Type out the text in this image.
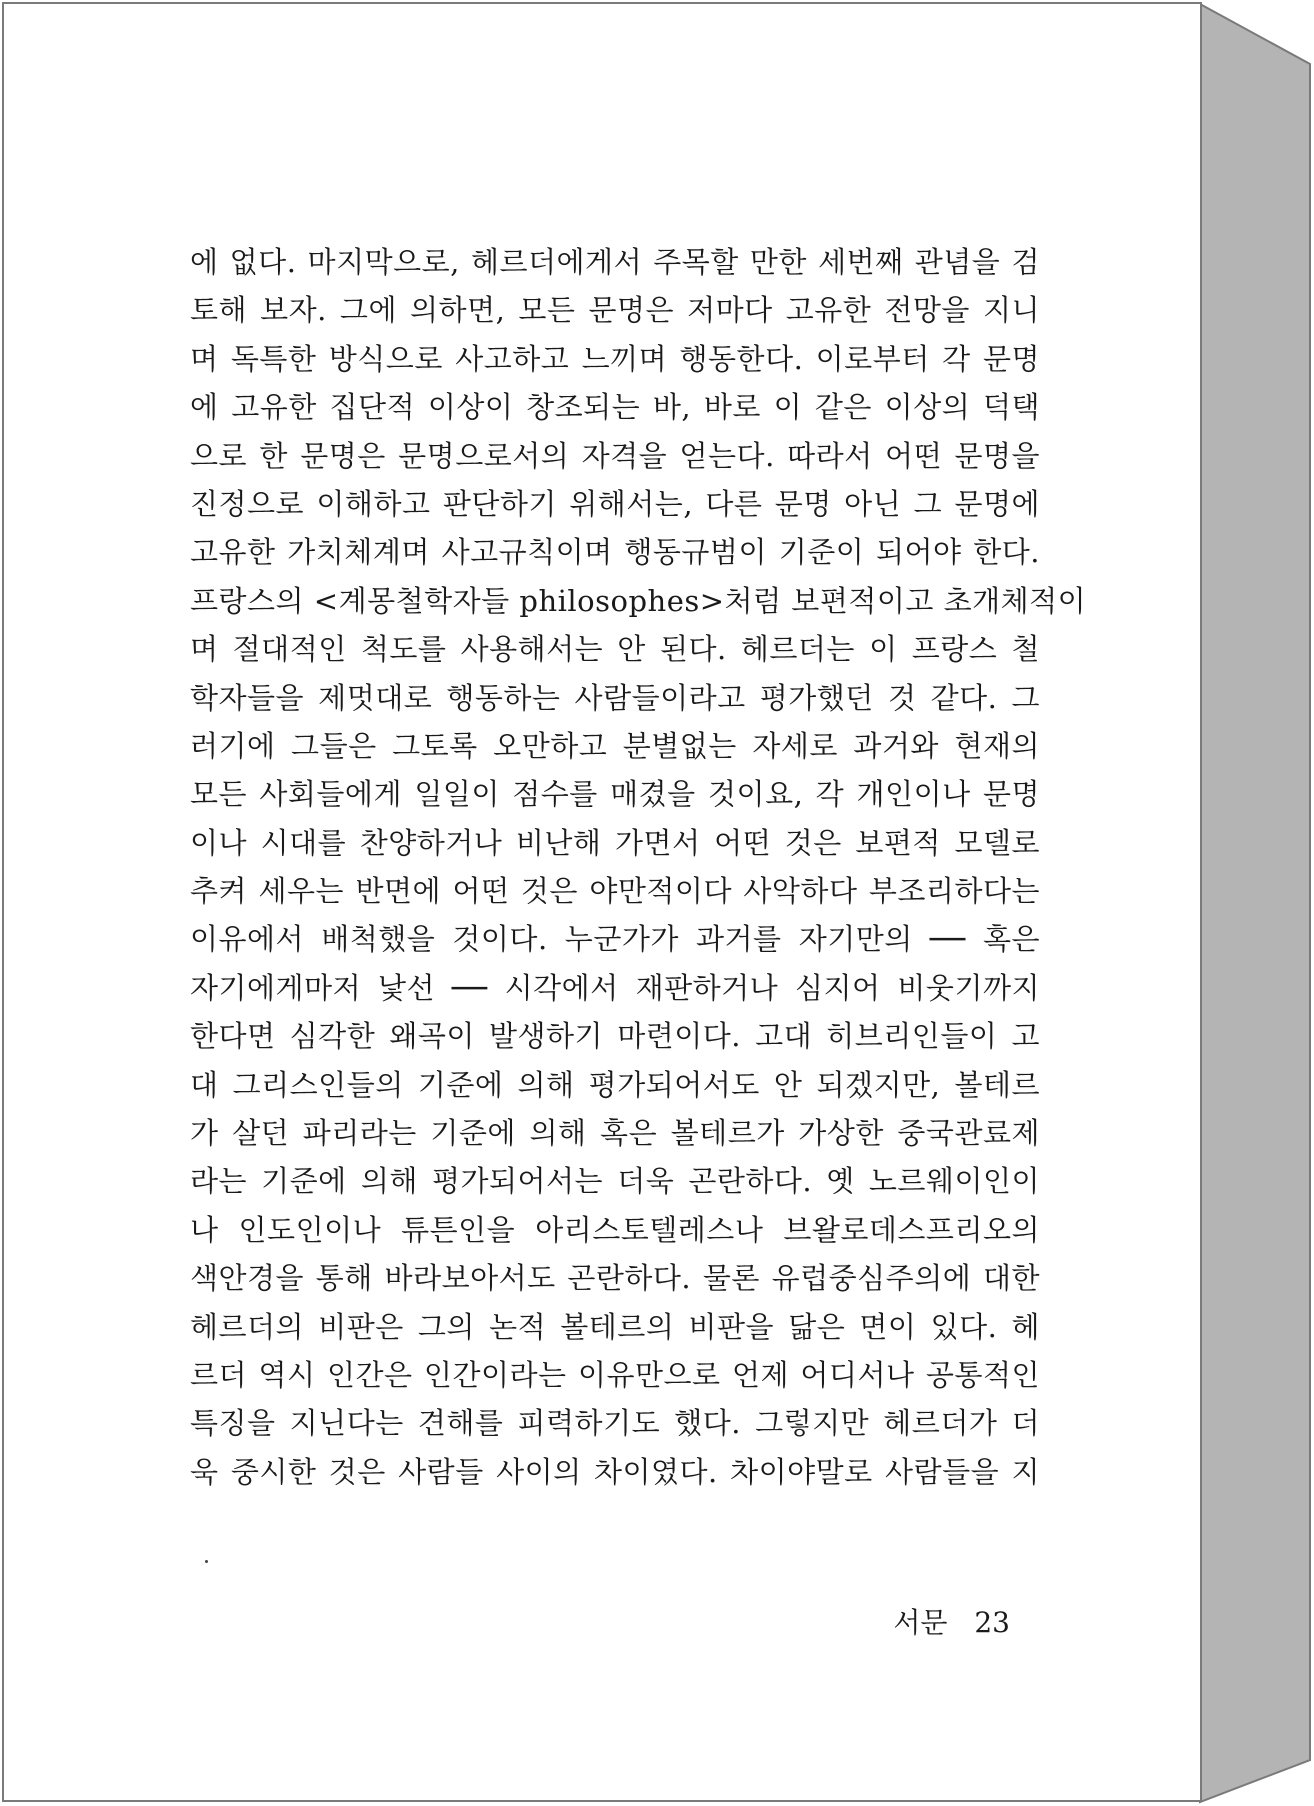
에 없다. 마지막으로, 헤르더에게서 주목할 만한 세번째 관념을 검
토해 보자. 그에 의하면, 모든 문명은 저마다 고유한 전망을 지니
며 독특한 방식으로 사고하고 느끼며 행동한다. 이로부터 각 문명
에 고유한 집단적 이상이 창조되는 바, 바로 이 같은 이상의 덕택
으로 한 문명은 문명으로서의 자격을 얻는다. 따라서 어떤 문명을
진정으로 이해하고 판단하기 위해서는, 다른 문명 아닌 그 문명에
고유한 가치체계며 사고규칙이며 행동규범이 기준이 되어야 한다.
프랑스의 <계몽철학자들 philosophes>처럼 보편적이고 초개체적이
며 절대적인 척도를 사용해서는 안 된다. 헤르더는 이 프랑스 철
학자들을 제멋대로 행동하는 사람들이라고 평가했던 것 같다. 그
러기에 그들은 그토록 오만하고 분별없는 자세로 과거와 현재의
모든 사회들에게 일일이 점수를 매겼을 것이요, 각 개인이나 문명
이나 시대를 찬양하거나 비난해 가면서 어떤 것은 보편적 모델로
추켜 세우는 반면에 어떤 것은 야만적이다 사악하다 부조리하다는
이유에서 배척했을 것이다. 누군가가 과거를 자기만의 ── 혹은
자기에게마저 낯선 ── 시각에서 재판하거나 심지어 비웃기까지
한다면 심각한 왜곡이 발생하기 마련이다. 고대 히브리인들이 고
대 그리스인들의 기준에 의해 평가되어서도 안 되겠지만, 볼테르
가 살던 파리라는 기준에 의해 혹은 볼테르가 가상한 중국관료제
라는 기준에 의해 평가되어서는 더욱 곤란하다. 옛 노르웨이인이
나 인도인이나 튜튼인을 아리스토텔레스나 브왈로데스프리오의
색안경을 통해 바라보아서도 곤란하다. 물론 유럽중심주의에 대한
헤르더의 비판은 그의 논적 볼테르의 비판을 닮은 면이 있다. 헤
르더 역시 인간은 인간이라는 이유만으로 언제 어디서나 공통적인
특징을 지닌다는 견해를 피력하기도 했다. 그렇지만 헤르더가 더
욱 중시한 것은 사람들 사이의 차이였다. 차이야말로 사람들을 지
서문 23
